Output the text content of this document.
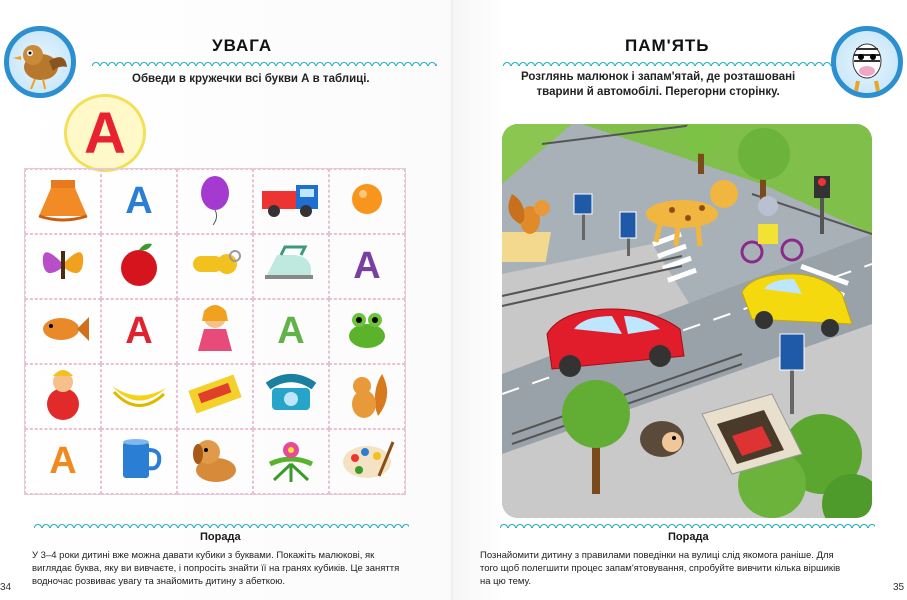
УВАГА
Обведи в кружечки всі букви А в таблиці.
А
А
А
А	А
А
Порада
У 3–4 роки дитині вже можна давати кубики з буквами. Покажіть малюкові, як
виглядає буква, яку ви вивчаєте, і попросіть знайти її на гранях кубиків. Це заняття
водночас розвиває увагу та знайомить дитину з абеткою.
34
ПАМ'ЯТЬ
Розглянь малюнок і запам'ятай, де розташовані
тварини й автомобілі. Перегорни сторінку.
Порада
Познайомити дитину з правилами поведінки на вулиці слід якомога раніше. Для
того щоб полегшити процес запам'ятовування, спробуйте вивчити кілька віршиків
на цю тему.
35
